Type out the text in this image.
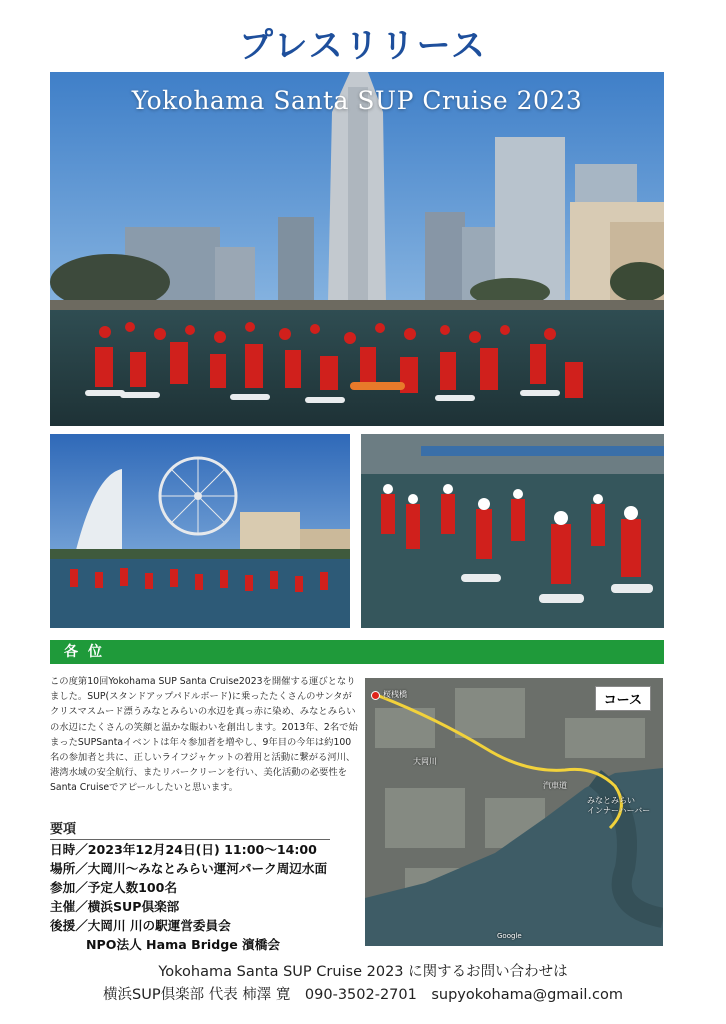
プレスリリース
Yokohama Santa SUP Cruise 2023
各位
この度第10回Yokohama SUP Santa Cruise2023を開催する運びとなりました。SUP(スタンドアップパドルボード)に乗ったたくさんのサンタがクリスマスムード漂うみなとみらいの水辺を真っ赤に染め、みなとみらいの水辺にたくさんの笑顔と温かな賑わいを創出します。2013年、2名で始まったSUPSantaイベントは年々参加者を増やし、9年目の今年は約100名の参加者と共に、正しいライフジャケットの着用と活動に繋がる河川、港湾水域の安全航行、またリバークリーンを行い、美化活動の必要性をSanta Cruiseでアピールしたいと思います。
要項
日時／2023年12月24日(日) 11:00～14:00
場所／大岡川～みなとみらい運河パーク周辺水面
参加／予定人数100名
主催／横浜SUP倶楽部
後援／大岡川 川の駅運営委員会
NPO法人 Hama Bridge 濱橋会
桜桟橋
大岡川
汽車道
みなとみらい
インナーハーバー
Google
コース
Yokohama Santa SUP Cruise 2023 に関するお問い合わせは
横浜SUP倶楽部 代表 柿澤 寛　090-3502-2701　supyokohama@gmail.com
